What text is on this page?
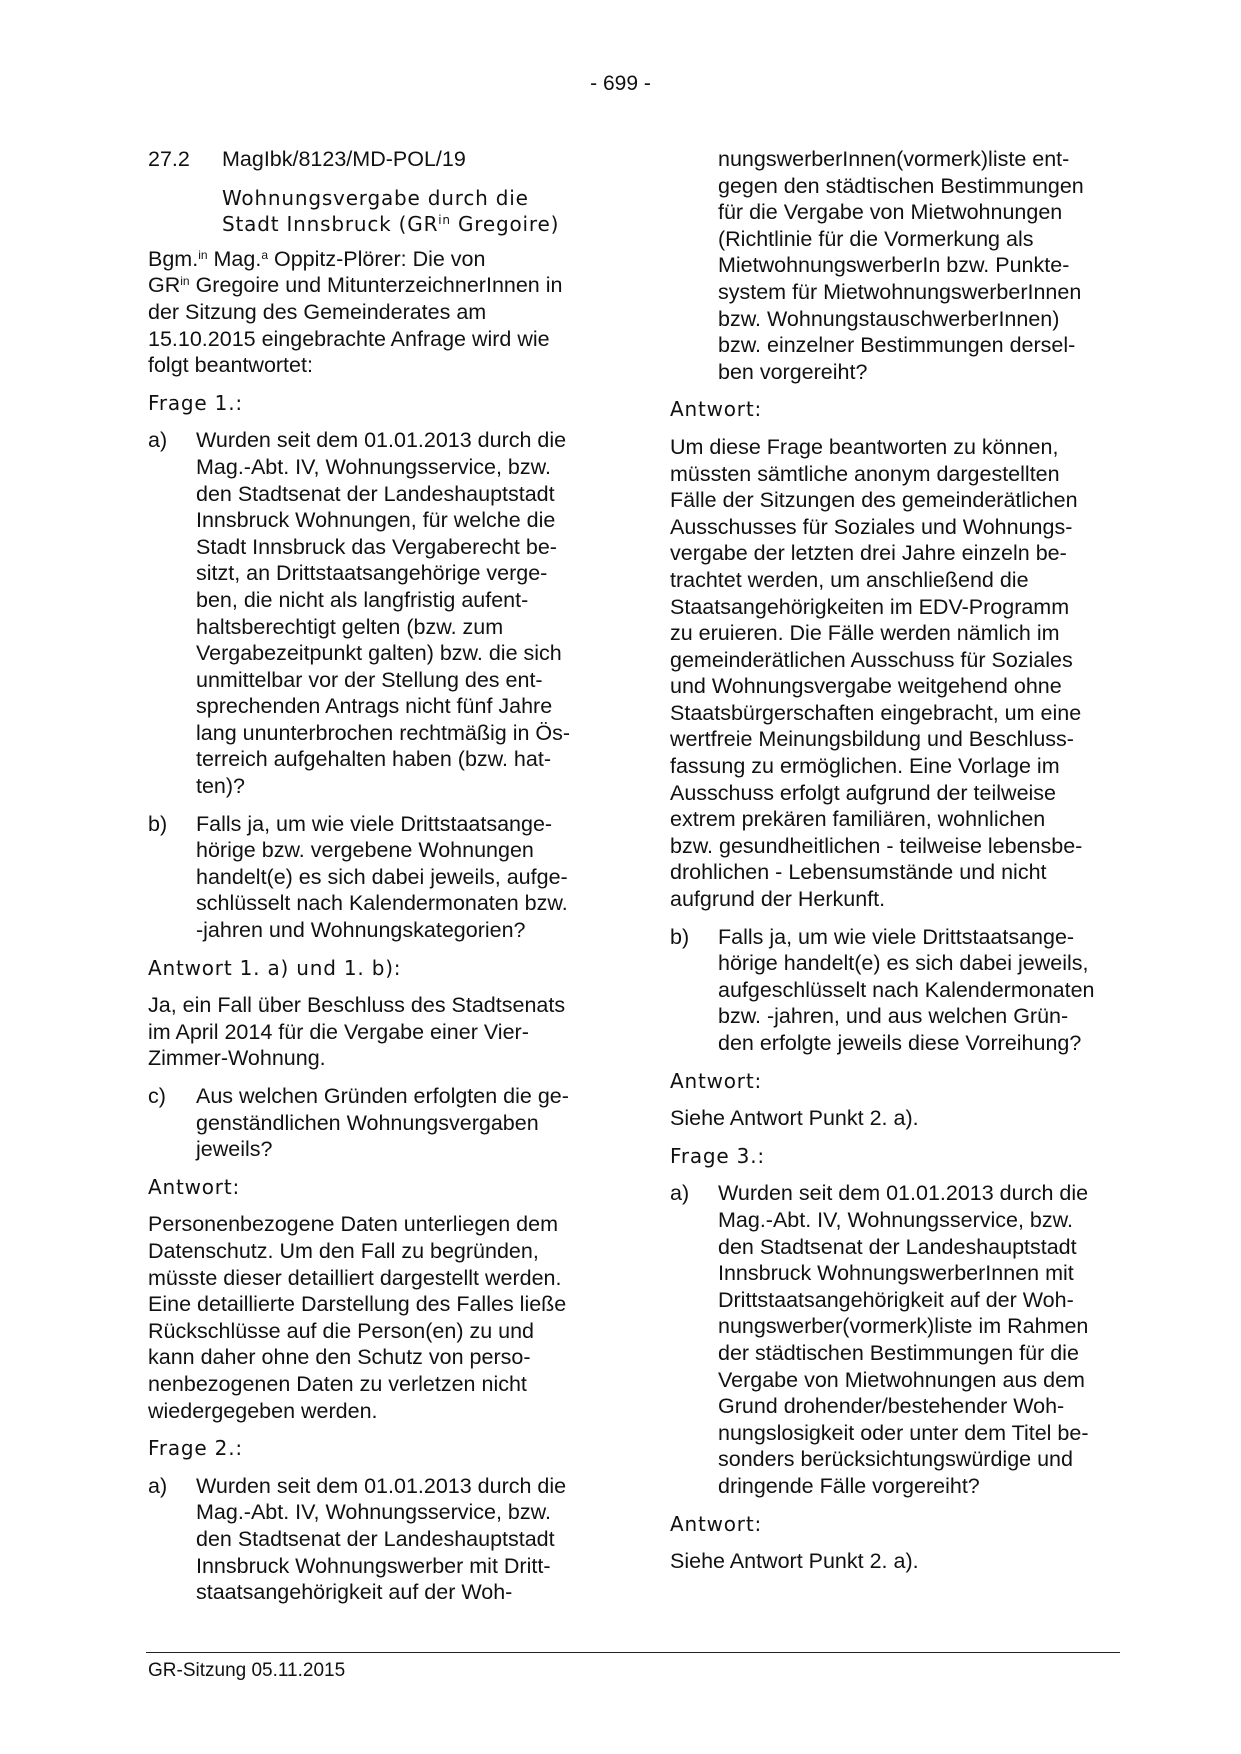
- 699 -
27.2	MagIbk/8123/MD-POL/19
Wohnungsvergabe durch die
Stadt Innsbruck ($GR^{in}$ Gregoire)
Bgm.$^{in}$ Mag.$^a$ Oppitz-Plörer: Die von
$GR^{in}$ Gregoire und MitunterzeichnerInnen in
der Sitzung des Gemeinderates am
15.10.2015 eingebrachte Anfrage wird wie
folgt beantwortet:
Frage 1.:
a) Wurden seit dem 01.01.2013 durch die
Mag.-Abt. IV, Wohnungsservice, bzw.
den Stadtsenat der Landeshauptstadt
Innsbruck Wohnungen, für welche die
Stadt Innsbruck das Vergaberecht be-
sitzt, an Drittstaatsangehörige verge-
ben, die nicht als langfristig aufent-
haltsberechtigt gelten (bzw. zum
Vergabezeitpunkt galten) bzw. die sich
unmittelbar vor der Stellung des ent-
sprechenden Antrags nicht fünf Jahre
lang ununterbrochen rechtmäßig in Ös-
terreich aufgehalten haben (bzw. hat-
ten)?
b) Falls ja, um wie viele Drittstaatsange-
hörige bzw. vergebene Wohnungen
handelt(e) es sich dabei jeweils, aufge-
schlüsselt nach Kalendermonaten bzw.
-jahren und Wohnungskategorien?
Antwort 1. a) und 1. b):
Ja, ein Fall über Beschluss des Stadtsenats
im April 2014 für die Vergabe einer Vier-
Zimmer-Wohnung.
c) Aus welchen Gründen erfolgten die ge-
genständlichen Wohnungsvergaben
jeweils?
Antwort:
Personenbezogene Daten unterliegen dem
Datenschutz. Um den Fall zu begründen,
müsste dieser detailliert dargestellt werden.
Eine detaillierte Darstellung des Falles ließe
Rückschlüsse auf die Person(en) zu und
kann daher ohne den Schutz von perso-
nenbezogenen Daten zu verletzen nicht
wiedergegeben werden.
Frage 2.:
a) Wurden seit dem 01.01.2013 durch die
Mag.-Abt. IV, Wohnungsservice, bzw.
den Stadtsenat der Landeshauptstadt
Innsbruck Wohnungswerber mit Dritt-
staatsangehörigkeit auf der Woh-
nungswerberInnen(vormerk)liste ent-
gegen den städtischen Bestimmungen
für die Vergabe von Mietwohnungen
(Richtlinie für die Vormerkung als
MietwohnungswerberIn bzw. Punkte-
system für MietwohnungswerberInnen
bzw. WohnungstauschwerberInnen)
bzw. einzelner Bestimmungen dersel-
ben vorgereiht?
Antwort:
Um diese Frage beantworten zu können,
müssten sämtliche anonym dargestellten
Fälle der Sitzungen des gemeinderätlichen
Ausschusses für Soziales und Wohnungs-
vergabe der letzten drei Jahre einzeln be-
trachtet werden, um anschließend die
Staatsangehörigkeiten im EDV-Programm
zu eruieren. Die Fälle werden nämlich im
gemeinderätlichen Ausschuss für Soziales
und Wohnungsvergabe weitgehend ohne
Staatsbürgerschaften eingebracht, um eine
wertfreie Meinungsbildung und Beschluss-
fassung zu ermöglichen. Eine Vorlage im
Ausschuss erfolgt aufgrund der teilweise
extrem prekären familiären, wohnlichen
bzw. gesundheitlichen - teilweise lebensbe-
drohlichen - Lebensumstände und nicht
aufgrund der Herkunft.
b) Falls ja, um wie viele Drittstaatsange-
hörige handelt(e) es sich dabei jeweils,
aufgeschlüsselt nach Kalendermonaten
bzw. -jahren, und aus welchen Grün-
den erfolgte jeweils diese Vorreihung?
Antwort:
Siehe Antwort Punkt 2. a).
Frage 3.:
a) Wurden seit dem 01.01.2013 durch die
Mag.-Abt. IV, Wohnungsservice, bzw.
den Stadtsenat der Landeshauptstadt
Innsbruck WohnungswerberInnen mit
Drittstaatsangehörigkeit auf der Woh-
nungswerber(vormerk)liste im Rahmen
der städtischen Bestimmungen für die
Vergabe von Mietwohnungen aus dem
Grund drohender/bestehender Woh-
nungslosigkeit oder unter dem Titel be-
sonders berücksichtungswürdige und
dringende Fälle vorgereiht?
Antwort:
Siehe Antwort Punkt 2. a).
GR-Sitzung 05.11.2015
